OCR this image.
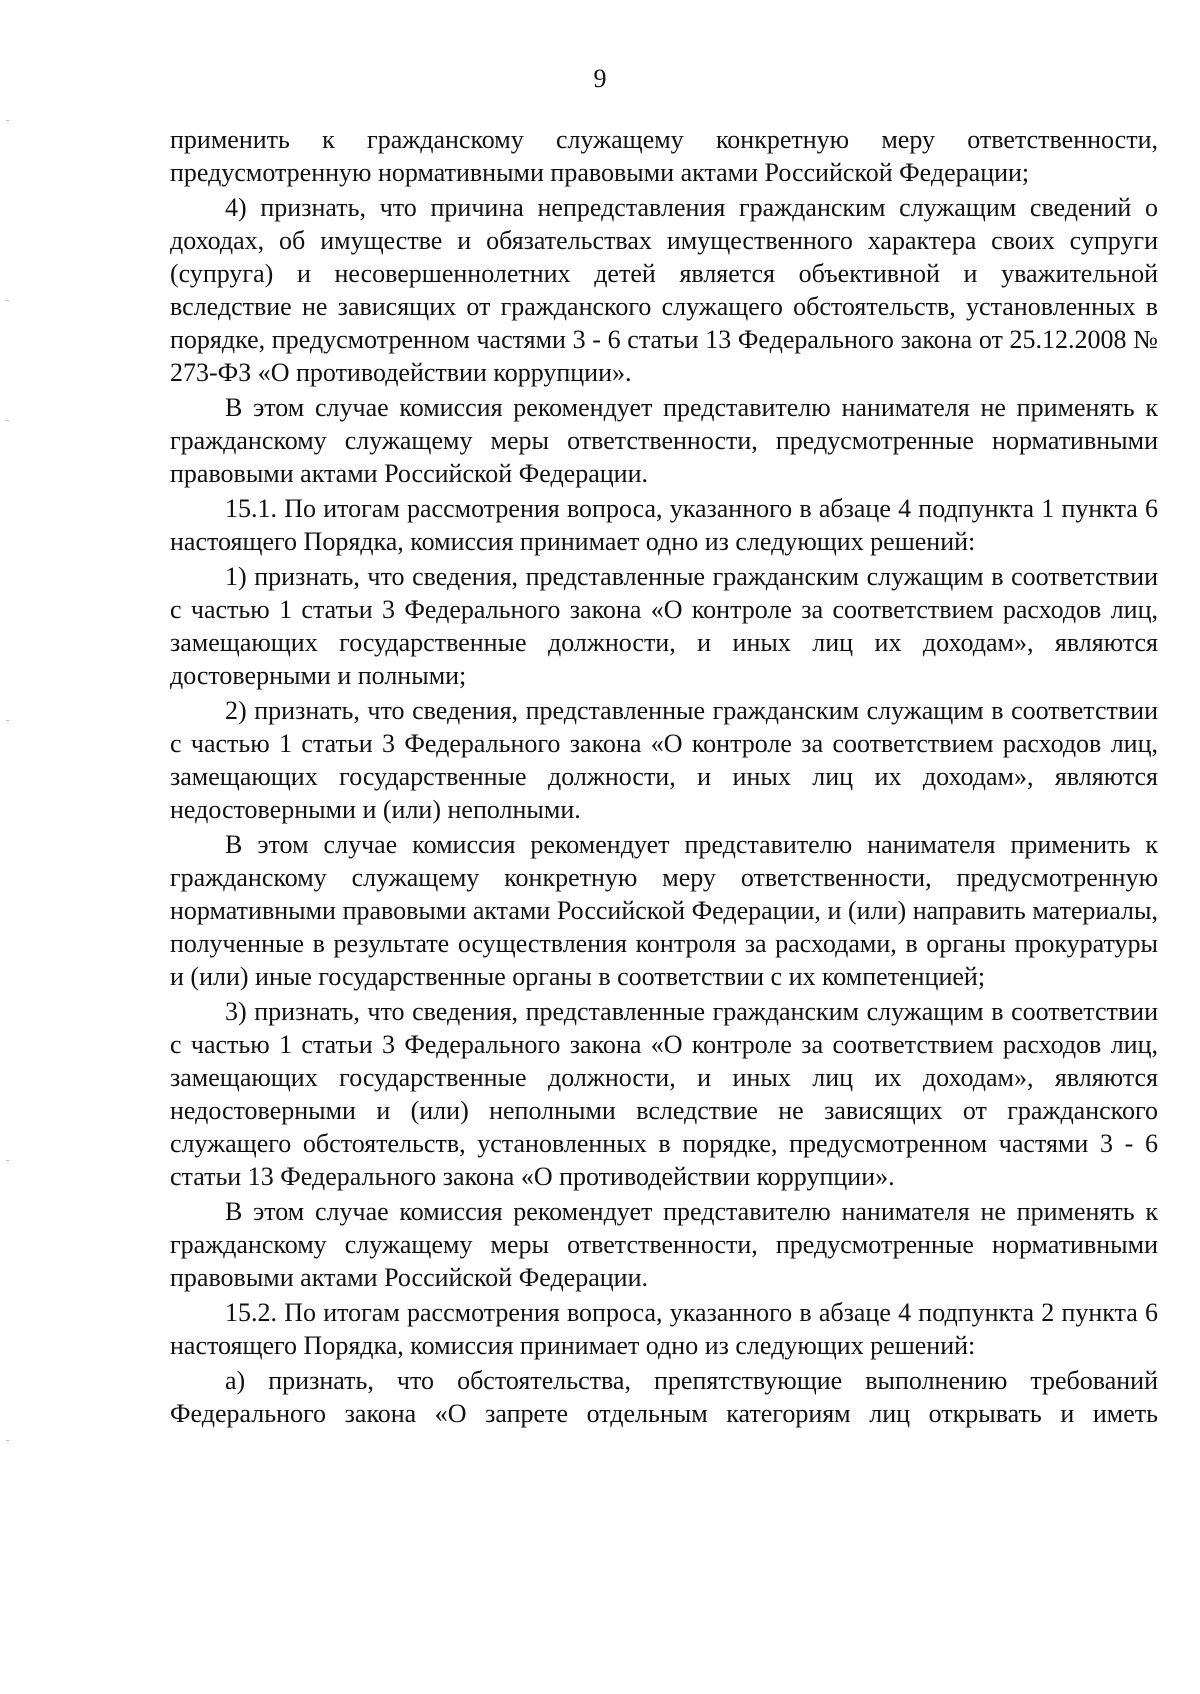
9

применить к гражданскому служащему конкретную меру ответственности, предусмотренную нормативными правовыми актами Российской Федерации;

4) признать, что причина непредставления гражданским служащим сведений о доходах, об имуществе и обязательствах имущественного характера своих супруги (супруга) и несовершеннолетних детей является объективной и уважительной вследствие не зависящих от гражданского служащего обстоятельств, установленных в порядке, предусмотренном частями 3 - 6 статьи 13 Федерального закона от 25.12.2008 № 273-ФЗ «О противодействии коррупции».

В этом случае комиссия рекомендует представителю нанимателя не применять к гражданскому служащему меры ответственности, предусмотренные нормативными правовыми актами Российской Федерации.

15.1. По итогам рассмотрения вопроса, указанного в абзаце 4 подпункта 1 пункта 6 настоящего Порядка, комиссия принимает одно из следующих решений:

1) признать, что сведения, представленные гражданским служащим в соответствии с частью 1 статьи 3 Федерального закона «О контроле за соответствием расходов лиц, замещающих государственные должности, и иных лиц их доходам», являются достоверными и полными;

2) признать, что сведения, представленные гражданским служащим в соответствии с частью 1 статьи 3 Федерального закона «О контроле за соответствием расходов лиц, замещающих государственные должности, и иных лиц их доходам», являются недостоверными и (или) неполными.

В этом случае комиссия рекомендует представителю нанимателя применить к гражданскому служащему конкретную меру ответственности, предусмотренную нормативными правовыми актами Российской Федерации, и (или) направить материалы, полученные в результате осуществления контроля за расходами, в органы прокуратуры и (или) иные государственные органы в соответствии с их компетенцией;

3) признать, что сведения, представленные гражданским служащим в соответствии с частью 1 статьи 3 Федерального закона «О контроле за соответствием расходов лиц, замещающих государственные должности, и иных лиц их доходам», являются недостоверными и (или) неполными вследствие не зависящих от гражданского служащего обстоятельств, установленных в порядке, предусмотренном частями 3 - 6 статьи 13 Федерального закона «О противодействии коррупции».

В этом случае комиссия рекомендует представителю нанимателя не применять к гражданскому служащему меры ответственности, предусмотренные нормативными правовыми актами Российской Федерации.

15.2. По итогам рассмотрения вопроса, указанного в абзаце 4 подпункта 2 пункта 6 настоящего Порядка, комиссия принимает одно из следующих решений:

а) признать, что обстоятельства, препятствующие выполнению требований Федерального закона «О запрете отдельным категориям лиц открывать и иметь
